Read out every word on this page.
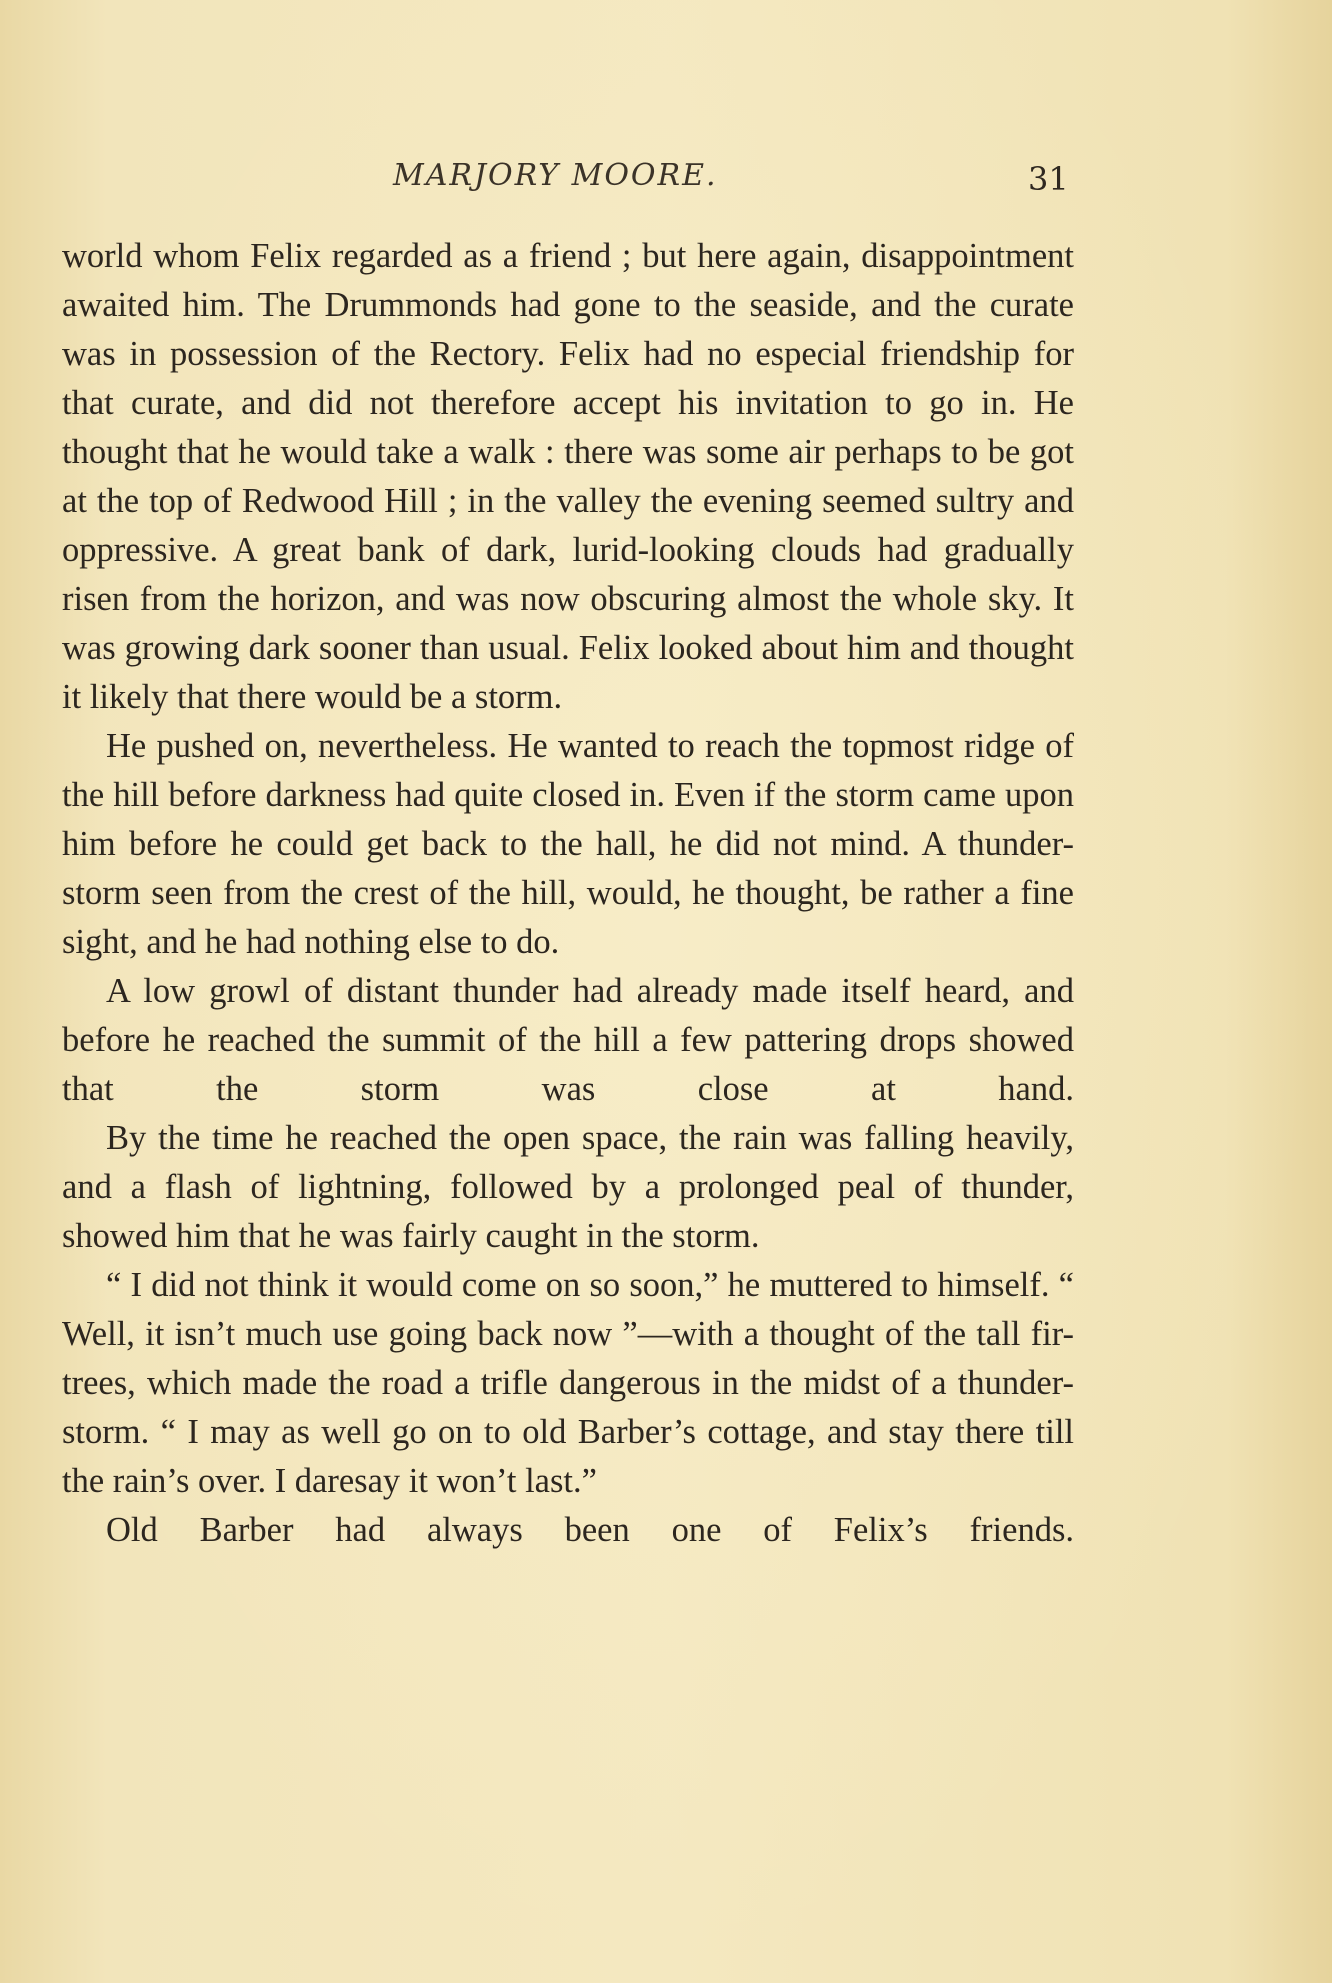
MARJORY MOORE.	31

world whom Felix regarded as a friend ; but here again, disappointment awaited him. The Drummonds had gone to the seaside, and the curate was in possession of the Rectory. Felix had no especial friendship for that curate, and did not therefore accept his invitation to go in. He thought that he would take a walk : there was some air perhaps to be got at the top of Redwood Hill ; in the valley the evening seemed sultry and oppressive. A great bank of dark, lurid-looking clouds had gradually risen from the horizon, and was now obscuring almost the whole sky. It was growing dark sooner than usual. Felix looked about him and thought it likely that there would be a storm.

He pushed on, nevertheless. He wanted to reach the topmost ridge of the hill before darkness had quite closed in. Even if the storm came upon him before he could get back to the hall, he did not mind. A thunder-storm seen from the crest of the hill, would, he thought, be rather a fine sight, and he had nothing else to do.

A low growl of distant thunder had already made itself heard, and before he reached the summit of the hill a few pattering drops showed that the storm was close at hand.

By the time he reached the open space, the rain was falling heavily, and a flash of lightning, followed by a prolonged peal of thunder, showed him that he was fairly caught in the storm.

“ I did not think it would come on so soon,” he muttered to himself. “ Well, it isn’t much use going back now ”—with a thought of the tall fir-trees, which made the road a trifle dangerous in the midst of a thunder-storm. “ I may as well go on to old Barber’s cottage, and stay there till the rain’s over. I daresay it won’t last.”

Old Barber had always been one of Felix’s friends.
